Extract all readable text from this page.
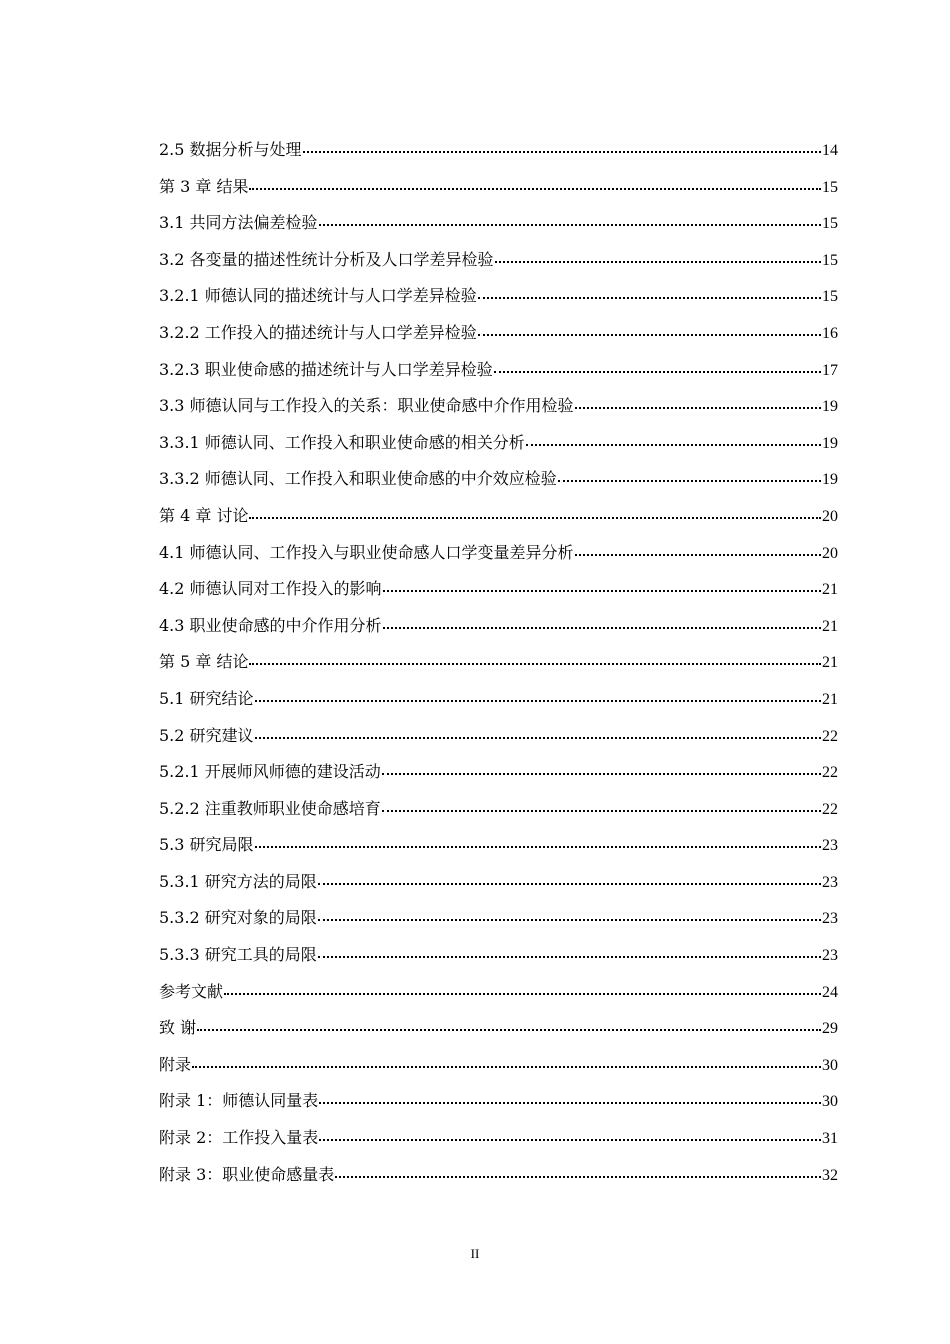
2.5 数据分析与处理	14
第 3 章 结果	15
3.1 共同方法偏差检验	15
3.2 各变量的描述性统计分析及人口学差异检验	15
3.2.1 师德认同的描述统计与人口学差异检验	15
3.2.2 工作投入的描述统计与人口学差异检验	16
3.2.3 职业使命感的描述统计与人口学差异检验	17
3.3 师德认同与工作投入的关系：职业使命感中介作用检验	19
3.3.1 师德认同、工作投入和职业使命感的相关分析	19
3.3.2 师德认同、工作投入和职业使命感的中介效应检验	19
第 4 章 讨论	20
4.1 师德认同、工作投入与职业使命感人口学变量差异分析	20
4.2 师德认同对工作投入的影响	21
4.3 职业使命感的中介作用分析	21
第 5 章 结论	21
5.1 研究结论	21
5.2 研究建议	22
5.2.1 开展师风师德的建设活动	22
5.2.2 注重教师职业使命感培育	22
5.3 研究局限	23
5.3.1 研究方法的局限	23
5.3.2 研究对象的局限	23
5.3.3 研究工具的局限	23
参考文献	24
致 谢	29
附录	30
附录 1：师德认同量表	30
附录 2：工作投入量表	31
附录 3：职业使命感量表	32
II
